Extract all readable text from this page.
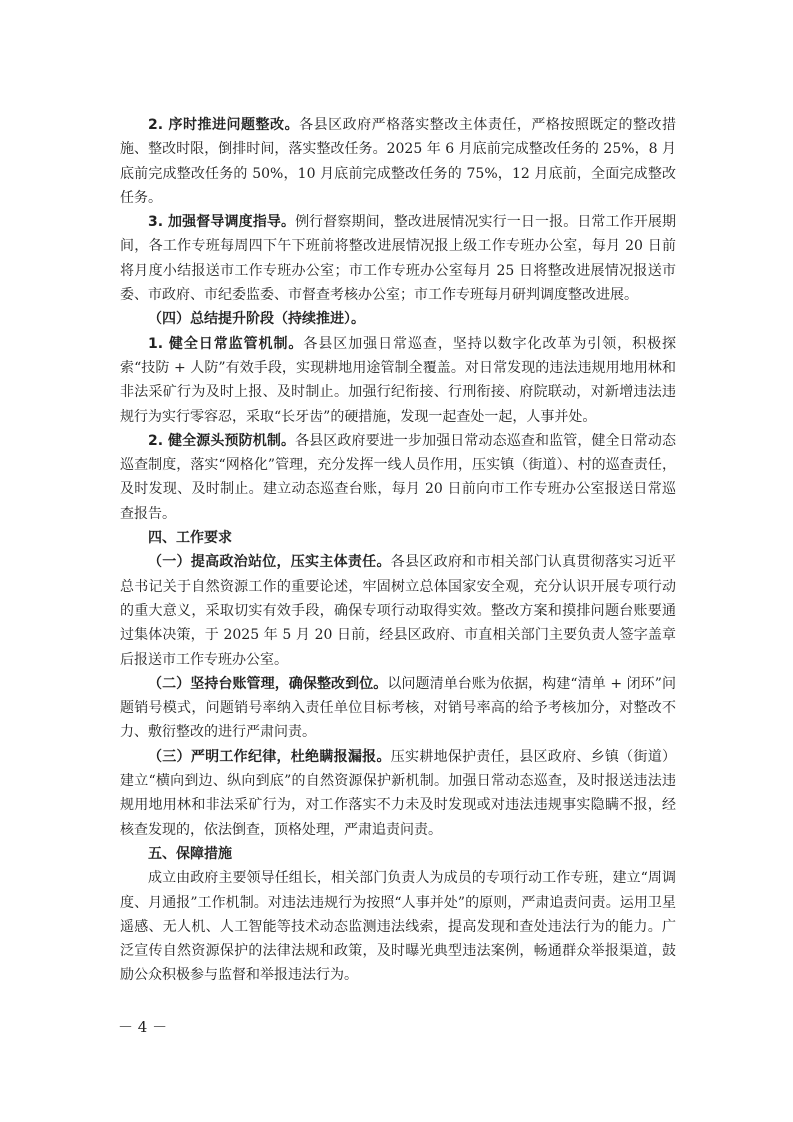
2. 序时推进问题整改。各县区政府严格落实整改主体责任，严格按照既定的整改措施、整改时限，倒排时间，落实整改任务。2025 年 6 月底前完成整改任务的 25%，8 月底前完成整改任务的 50%，10 月底前完成整改任务的 75%，12 月底前，全面完成整改任务。

3. 加强督导调度指导。例行督察期间，整改进展情况实行一日一报。日常工作开展期间，各工作专班每周四下午下班前将整改进展情况报上级工作专班办公室，每月 20 日前将月度小结报送市工作专班办公室；市工作专班办公室每月 25 日将整改进展情况报送市委、市政府、市纪委监委、市督查考核办公室；市工作专班每月研判调度整改进展。

（四）总结提升阶段（持续推进）。

1. 健全日常监管机制。各县区加强日常巡查，坚持以数字化改革为引领，积极探索“技防 + 人防”有效手段，实现耕地用途管制全覆盖。对日常发现的违法违规用地用林和非法采矿行为及时上报、及时制止。加强行纪衔接、行刑衔接、府院联动，对新增违法违规行为实行零容忍，采取“长牙齿”的硬措施，发现一起查处一起，人事并处。

2. 健全源头预防机制。各县区政府要进一步加强日常动态巡查和监管，健全日常动态巡查制度，落实“网格化”管理，充分发挥一线人员作用，压实镇（街道）、村的巡查责任，及时发现、及时制止。建立动态巡查台账，每月 20 日前向市工作专班办公室报送日常巡查报告。

四、工作要求

（一）提高政治站位，压实主体责任。各县区政府和市相关部门认真贯彻落实习近平总书记关于自然资源工作的重要论述，牢固树立总体国家安全观，充分认识开展专项行动的重大意义，采取切实有效手段，确保专项行动取得实效。整改方案和摸排问题台账要通过集体决策，于 2025 年 5 月 20 日前，经县区政府、市直相关部门主要负责人签字盖章后报送市工作专班办公室。

（二）坚持台账管理，确保整改到位。以问题清单台账为依据，构建“清单 + 闭环”问题销号模式，问题销号率纳入责任单位目标考核，对销号率高的给予考核加分，对整改不力、敷衍整改的进行严肃问责。

（三）严明工作纪律，杜绝瞒报漏报。压实耕地保护责任，县区政府、乡镇（街道）建立“横向到边、纵向到底”的自然资源保护新机制。加强日常动态巡查，及时报送违法违规用地用林和非法采矿行为，对工作落实不力未及时发现或对违法违规事实隐瞒不报，经核查发现的，依法倒查，顶格处理，严肃追责问责。

五、保障措施

成立由政府主要领导任组长，相关部门负责人为成员的专项行动工作专班，建立“周调度、月通报”工作机制。对违法违规行为按照“人事并处”的原则，严肃追责问责。运用卫星遥感、无人机、人工智能等技术动态监测违法线索，提高发现和查处违法行为的能力。广泛宣传自然资源保护的法律法规和政策，及时曝光典型违法案例，畅通群众举报渠道，鼓励公众积极参与监督和举报违法行为。

－ 4 －
